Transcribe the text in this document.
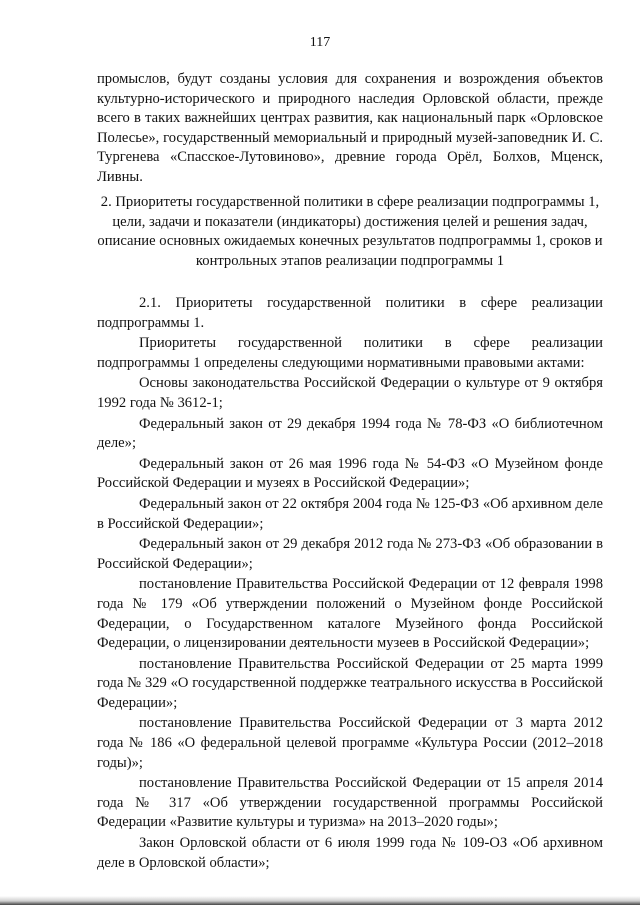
117
промыслов, будут созданы условия для сохранения и возрождения объектов культурно-исторического и природного наследия Орловской области, прежде всего в таких важнейших центрах развития, как национальный парк «Орловское Полесье», государственный мемориальный и природный музей-заповедник И. С. Тургенева «Спасское-Лутовиново», древние города Орёл, Болхов, Мценск, Ливны.
2. Приоритеты государственной политики в сфере реализации подпрограммы 1, цели, задачи и показатели (индикаторы) достижения целей и решения задач, описание основных ожидаемых конечных результатов подпрограммы 1, сроков и контрольных этапов реализации подпрограммы 1

2.1. Приоритеты государственной политики в сфере реализации подпрограммы 1.

Приоритеты государственной политики в сфере реализации подпрограммы 1 определены следующими нормативными правовыми актами:

Основы законодательства Российской Федерации о культуре от 9 октября 1992 года № 3612-1;

Федеральный закон от 29 декабря 1994 года № 78-ФЗ «О библиотечном деле»;

Федеральный закон от 26 мая 1996 года № 54-ФЗ «О Музейном фонде Российской Федерации и музеях в Российской Федерации»;

Федеральный закон от 22 октября 2004 года № 125-ФЗ «Об архивном деле в Российской Федерации»;

Федеральный закон от 29 декабря 2012 года № 273-ФЗ «Об образовании в Российской Федерации»;

постановление Правительства Российской Федерации от 12 февраля 1998 года № 179 «Об утверждении положений о Музейном фонде Российской Федерации, о Государственном каталоге Музейного фонда Российской Федерации, о лицензировании деятельности музеев в Российской Федерации»;

постановление Правительства Российской Федерации от 25 марта 1999 года № 329 «О государственной поддержке театрального искусства в Российской Федерации»;

постановление Правительства Российской Федерации от 3 марта 2012 года № 186 «О федеральной целевой программе «Культура России (2012–2018 годы)»;

постановление Правительства Российской Федерации от 15 апреля 2014 года № 317 «Об утверждении государственной программы Российской Федерации «Развитие культуры и туризма» на 2013–2020 годы»;

Закон Орловской области от 6 июля 1999 года № 109-ОЗ «Об архивном деле в Орловской области»;
